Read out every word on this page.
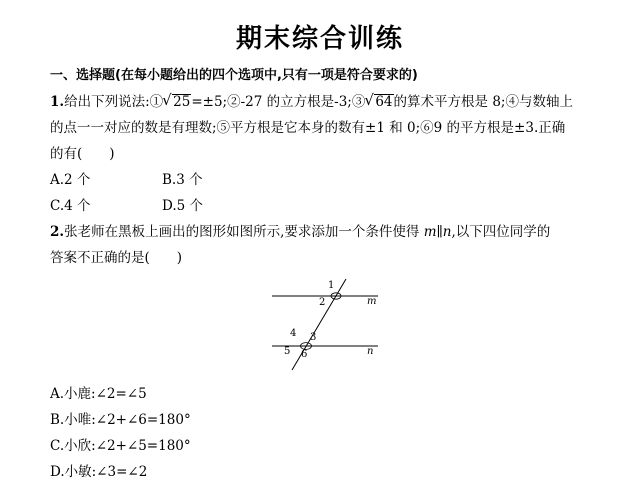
期末综合训练
一、选择题(在每小题给出的四个选项中,只有一项是符合要求的)
1.给出下列说法:① √ 25=±5;②-27 的立方根是-3;③ √ 64的算术平方根是 8;④与数轴上
的点一一对应的数是有理数;⑤平方根是它本身的数有±1 和 0;⑥9 的平方根是±3.正确
的有(　　)
A.2 个	B.3 个
C.4 个	D.5 个
2.张老师在黑板上画出的图形如图所示,要求添加一个条件使得 m∥n,以下四位同学的
答案不正确的是(　　)
1
2
3
4
5 6
m
n
A.小鹿:∠2=∠5
B.小唯:∠2+∠6=180°
C.小欣:∠2+∠5=180°
D.小敏:∠3=∠2
